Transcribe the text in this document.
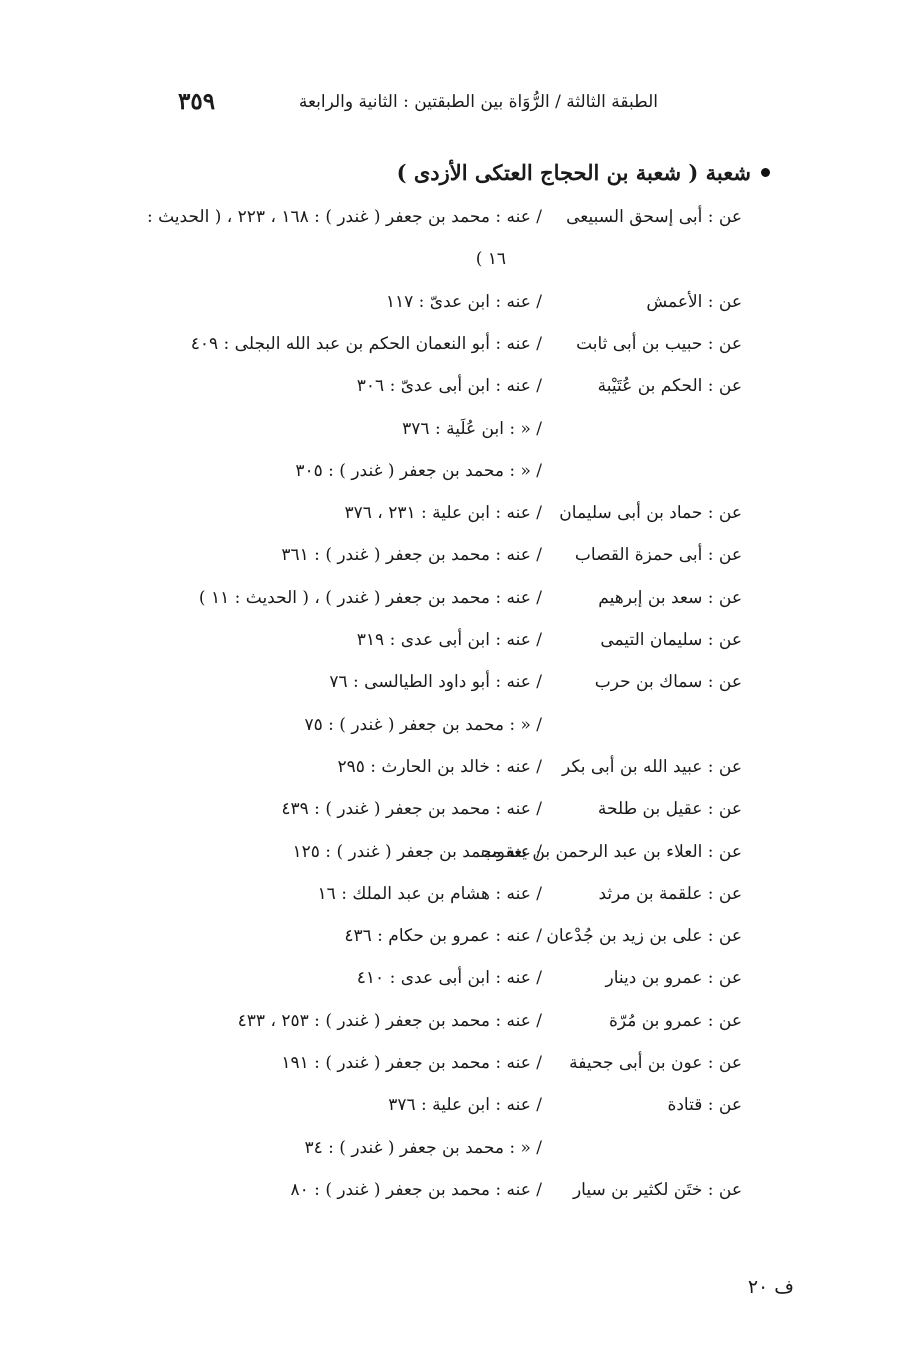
٣٥٩	الطبقة الثالثة / الرُّوَاة بين الطبقتين : الثانية والرابعة
شعبة ( شعبة بن الحجاج العتكى الأزدى )
عن : أبى إسحق السبيعى
/ عنه : محمد بن جعفر ( غندر ) : ١٦٨ ، ٢٢٣ ، ( الحديث :
١٦ )
عن : الأعمش
/ عنه : ابن عدىّ : ١١٧
عن : حبيب بن أبى ثابت
/ عنه : أبو النعمان الحكم بن عبد الله البجلى : ٤٠٩
عن : الحكم بن عُتَيْبة
/ عنه : ابن أبى عدىّ : ٣٠٦
/ « : ابن عُلَية : ٣٧٦
/ « : محمد بن جعفر ( غندر ) : ٣٠٥
عن : حماد بن أبى سليمان
/ عنه : ابن علية : ٢٣١ ، ٣٧٦
عن : أبى حمزة القصاب
/ عنه : محمد بن جعفر ( غندر ) : ٣٦١
عن : سعد بن إبرهيم
/ عنه : محمد بن جعفر ( غندر ) ، ( الحديث : ١١ )
عن : سليمان التيمى
/ عنه : ابن أبى عدى : ٣١٩
عن : سماك بن حرب
/ عنه : أبو داود الطيالسى : ٧٦
/ « : محمد بن جعفر ( غندر ) : ٧٥
عن : عبيد الله بن أبى بكر
/ عنه : خالد بن الحارث : ٢٩٥
عن : عقيل بن طلحة
/ عنه : محمد بن جعفر ( غندر ) : ٤٣٩
عن : العلاء بن عبد الرحمن بن يعقوب
/ عنه محمد بن جعفر ( غندر ) : ١٢٥
عن : علقمة بن مرثد
/ عنه : هشام بن عبد الملك : ١٦
عن : على بن زيد بن جُدْعان
/ عنه : عمرو بن حكام : ٤٣٦
عن : عمرو بن دينار
/ عنه : ابن أبى عدى : ٤١٠
عن : عمرو بن مُرّة
/ عنه : محمد بن جعفر ( غندر ) : ٢٥٣ ، ٤٣٣
عن : عون بن أبى جحيفة
/ عنه : محمد بن جعفر ( غندر ) : ١٩١
عن : قتادة
/ عنه : ابن علية : ٣٧٦
/ « : محمد بن جعفر ( غندر ) : ٣٤
عن : ختَن لكثير بن سيار
/ عنه : محمد بن جعفر ( غندر ) : ٨٠
ف ٢٠
